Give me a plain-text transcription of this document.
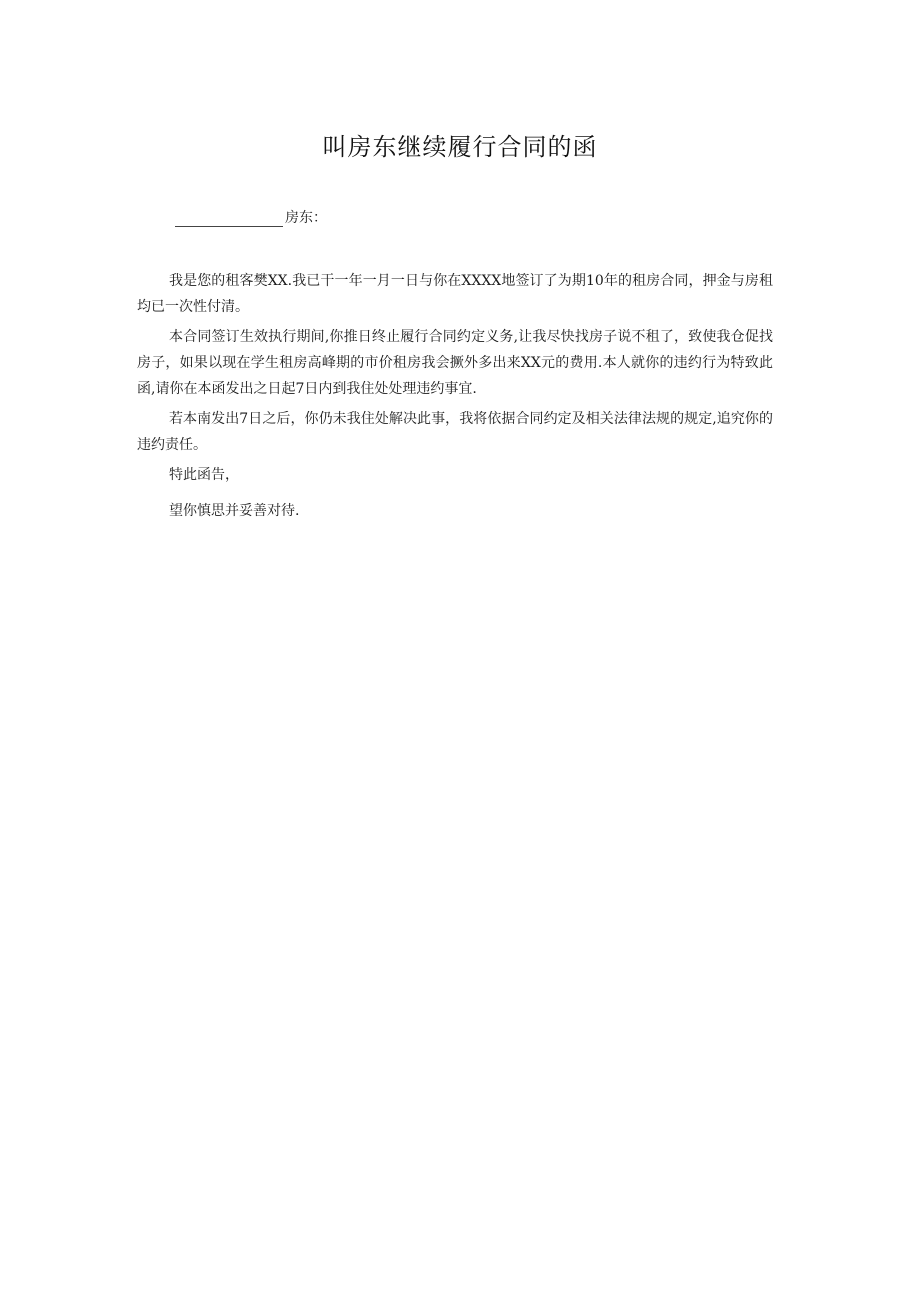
叫房东继续履行合同的函
房东：

我是您的租客樊XX.我已干一年一月一日与你在XXXX地签订了为期10年的租房合同，押金与房租均已一次性付清。

本合同签订生效执行期间,你推日终止履行合同约定义务,让我尽快找房子说不租了，致使我仓促找房子，如果以现在学生租房高峰期的市价租房我会撅外多出来XX元的费用.本人就你的违约行为特致此函,请你在本函发出之日起7日内到我住处处理违约事宜.

若本南发出7日之后，你仍未我住处解决此事，我将依据合同约定及相关法律法规的规定,追究你的违约责任。

特此函告，

望你慎思并妥善对待.
